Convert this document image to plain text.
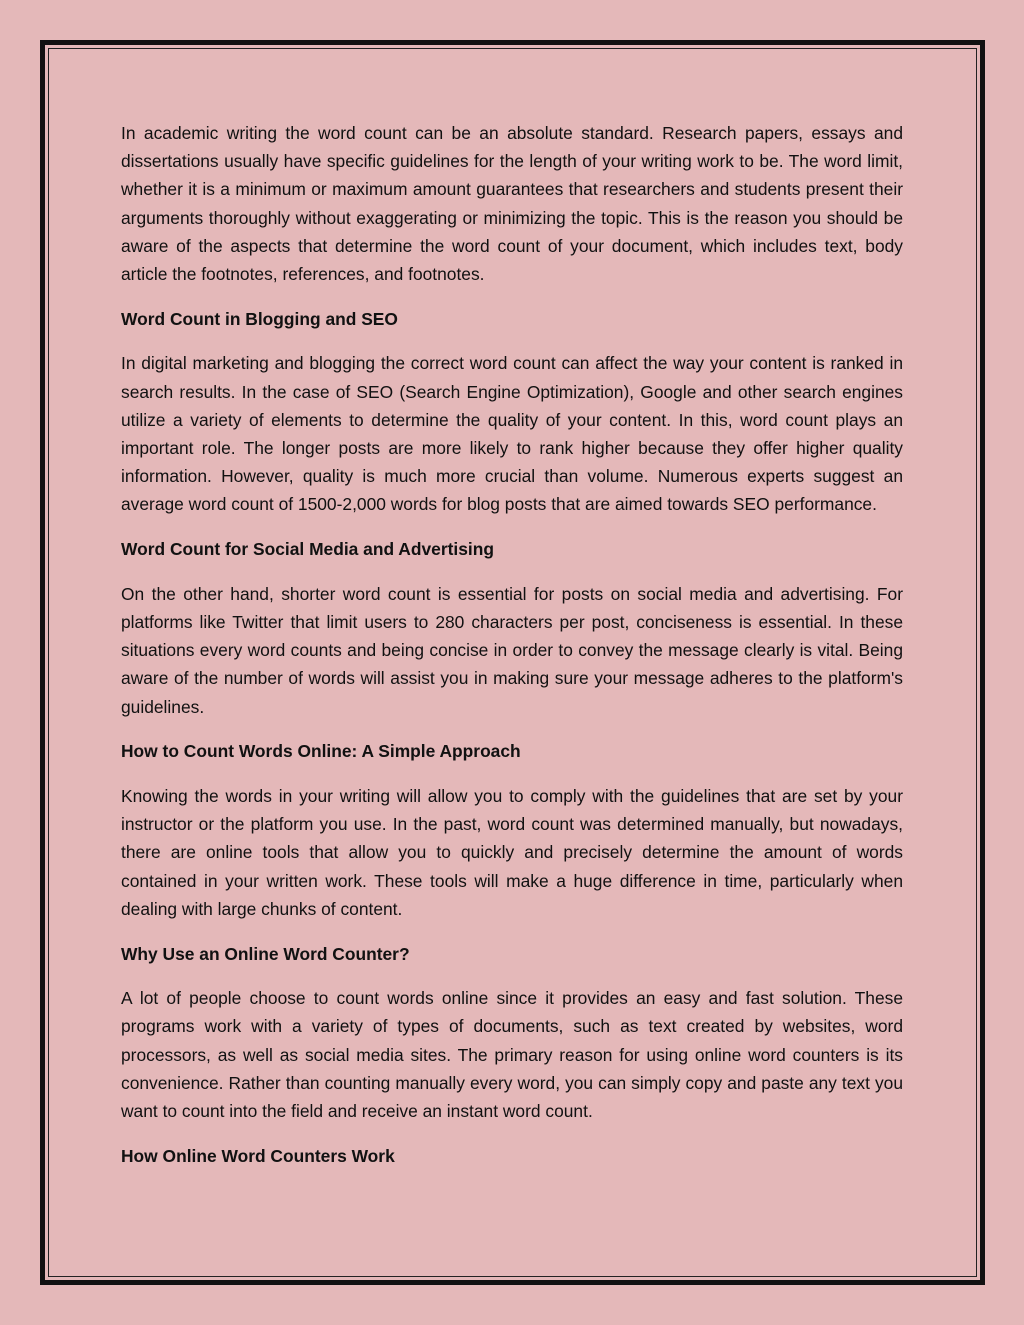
In academic writing the word count can be an absolute standard. Research papers, essays and dissertations usually have specific guidelines for the length of your writing work to be. The word limit, whether it is a minimum or maximum amount guarantees that researchers and students present their arguments thoroughly without exaggerating or minimizing the topic. This is the reason you should be aware of the aspects that determine the word count of your document, which includes text, body article the footnotes, references, and footnotes.

Word Count in Blogging and SEO

In digital marketing and blogging the correct word count can affect the way your content is ranked in search results. In the case of SEO (Search Engine Optimization), Google and other search engines utilize a variety of elements to determine the quality of your content. In this, word count plays an important role. The longer posts are more likely to rank higher because they offer higher quality information. However, quality is much more crucial than volume. Numerous experts suggest an average word count of 1500-2,000 words for blog posts that are aimed towards SEO performance.

Word Count for Social Media and Advertising

On the other hand, shorter word count is essential for posts on social media and advertising. For platforms like Twitter that limit users to 280 characters per post, conciseness is essential. In these situations every word counts and being concise in order to convey the message clearly is vital. Being aware of the number of words will assist you in making sure your message adheres to the platform's guidelines.

How to Count Words Online: A Simple Approach

Knowing the words in your writing will allow you to comply with the guidelines that are set by your instructor or the platform you use. In the past, word count was determined manually, but nowadays, there are online tools that allow you to quickly and precisely determine the amount of words contained in your written work. These tools will make a huge difference in time, particularly when dealing with large chunks of content.

Why Use an Online Word Counter?

A lot of people choose to count words online since it provides an easy and fast solution. These programs work with a variety of types of documents, such as text created by websites, word processors, as well as social media sites. The primary reason for using online word counters is its convenience. Rather than counting manually every word, you can simply copy and paste any text you want to count into the field and receive an instant word count.

How Online Word Counters Work
